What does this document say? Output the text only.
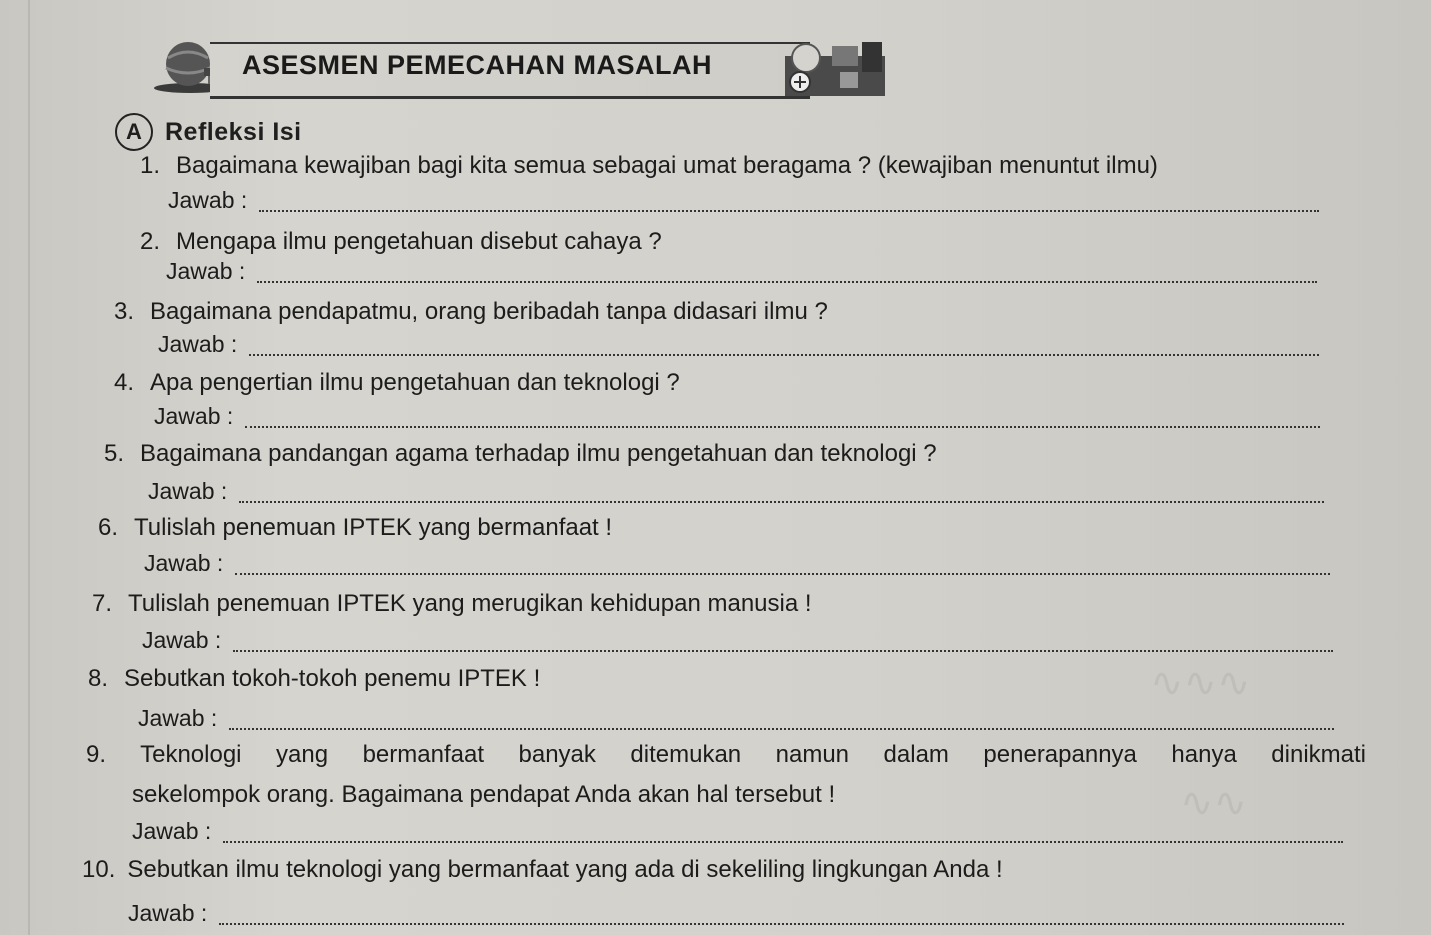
∿∿∿
∿∿
ASESMEN PEMECAHAN MASALAH
A Refleksi Isi
1. Bagaimana kewajiban bagi kita semua sebagai umat beragama ? (kewajiban menuntut ilmu)
Jawab :
2. Mengapa ilmu pengetahuan disebut cahaya ?
Jawab :
3. Bagaimana pendapatmu, orang beribadah tanpa didasari ilmu ?
Jawab :
4. Apa pengertian ilmu pengetahuan dan teknologi ?
Jawab :
5. Bagaimana pandangan agama terhadap ilmu pengetahuan dan teknologi ?
Jawab :
6. Tulislah penemuan IPTEK yang bermanfaat !
Jawab :
7. Tulislah penemuan IPTEK yang merugikan kehidupan manusia !
Jawab :
8. Sebutkan tokoh-tokoh penemu IPTEK !
Jawab :
9. Teknologi yang bermanfaat banyak ditemukan namun dalam penerapannya hanya dinikmati
sekelompok orang. Bagaimana pendapat Anda akan hal tersebut !
Jawab :
10. Sebutkan ilmu teknologi yang bermanfaat yang ada di sekeliling lingkungan Anda !
Jawab :
